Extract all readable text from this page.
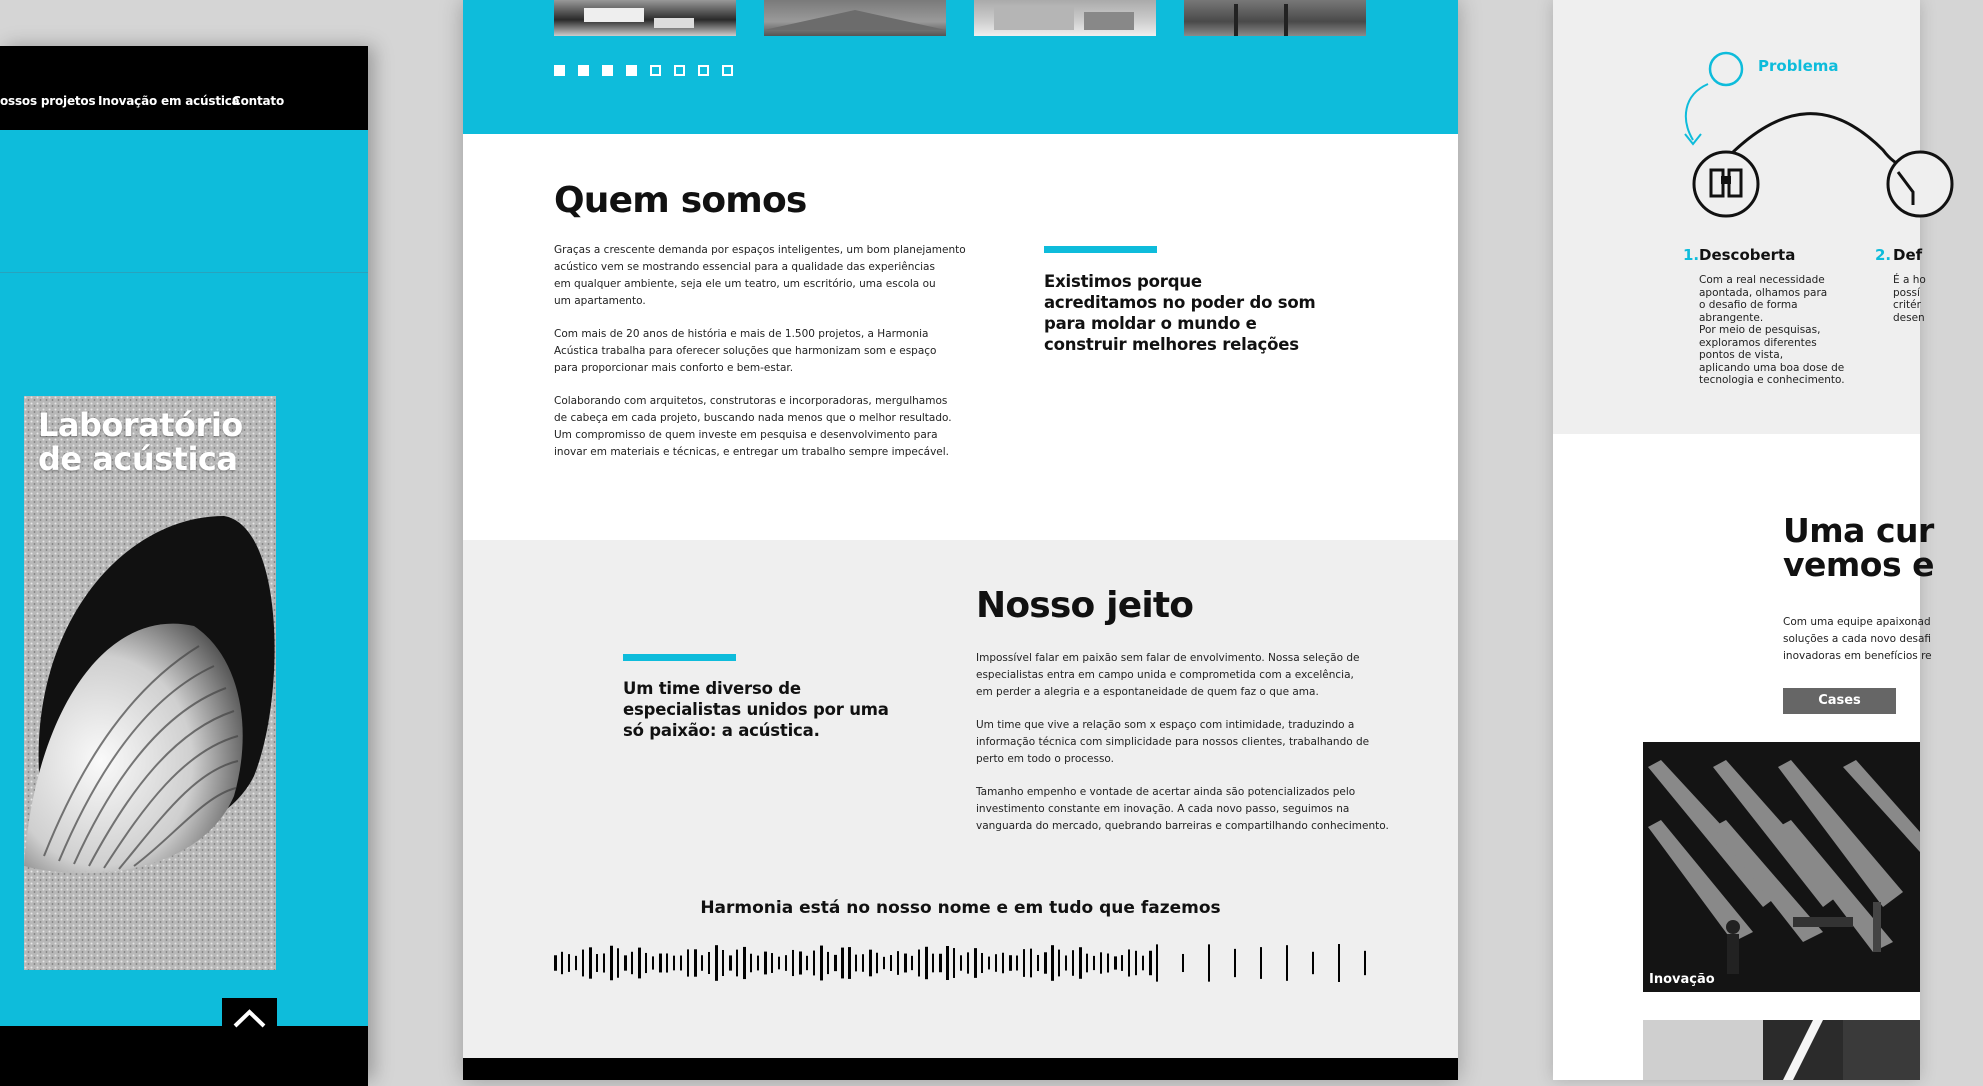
ossos projetos Inovação em acústica
Contato
Laboratório
de acústica
Quem somos
Graças a crescente demanda por espaços inteligentes, um bom planejamento
acústico vem se mostrando essencial para a qualidade das experiências
em qualquer ambiente, seja ele um teatro, um escritório, uma escola ou
um apartamento.
Com mais de 20 anos de história e mais de 1.500 projetos, a Harmonia
Acústica trabalha para oferecer soluções que harmonizam som e espaço
para proporcionar mais conforto e bem-estar.
Colaborando com arquitetos, construtoras e incorporadoras, mergulhamos
de cabeça em cada projeto, buscando nada menos que o melhor resultado.
Um compromisso de quem investe em pesquisa e desenvolvimento para
inovar em materiais e técnicas, e entregar um trabalho sempre impecável.
Existimos porque
acreditamos no poder do som
para moldar o mundo e
construir melhores relações
Nosso jeito
Um time diverso de
especialistas unidos por uma
só paixão: a acústica.
Impossível falar em paixão sem falar de envolvimento. Nossa seleção de
especialistas entra em campo unida e comprometida com a excelência,
em perder a alegria e a espontaneidade de quem faz o que ama.
Um time que vive a relação som x espaço com intimidade, traduzindo a
informação técnica com simplicidade para nossos clientes, trabalhando de
perto em todo o processo.
Tamanho empenho e vontade de acertar ainda são potencializados pelo
investimento constante em inovação. A cada novo passo, seguimos na
vanguarda do mercado, quebrando barreiras e compartilhando conhecimento.
Harmonia está no nosso nome e em tudo que fazemos
Problema
1. Descoberta
Com a real necessidade
apontada, olhamos para
o desafio de forma
abrangente.
Por meio de pesquisas,
exploramos diferentes
pontos de vista,
aplicando uma boa dose de
tecnologia e conhecimento.
2. Def
É a ho
possí
critér
desen
Uma cur
vemos e
Com uma equipe apaixonad
soluções a cada novo desafi
inovadoras em benefícios re
Cases
Inovação
